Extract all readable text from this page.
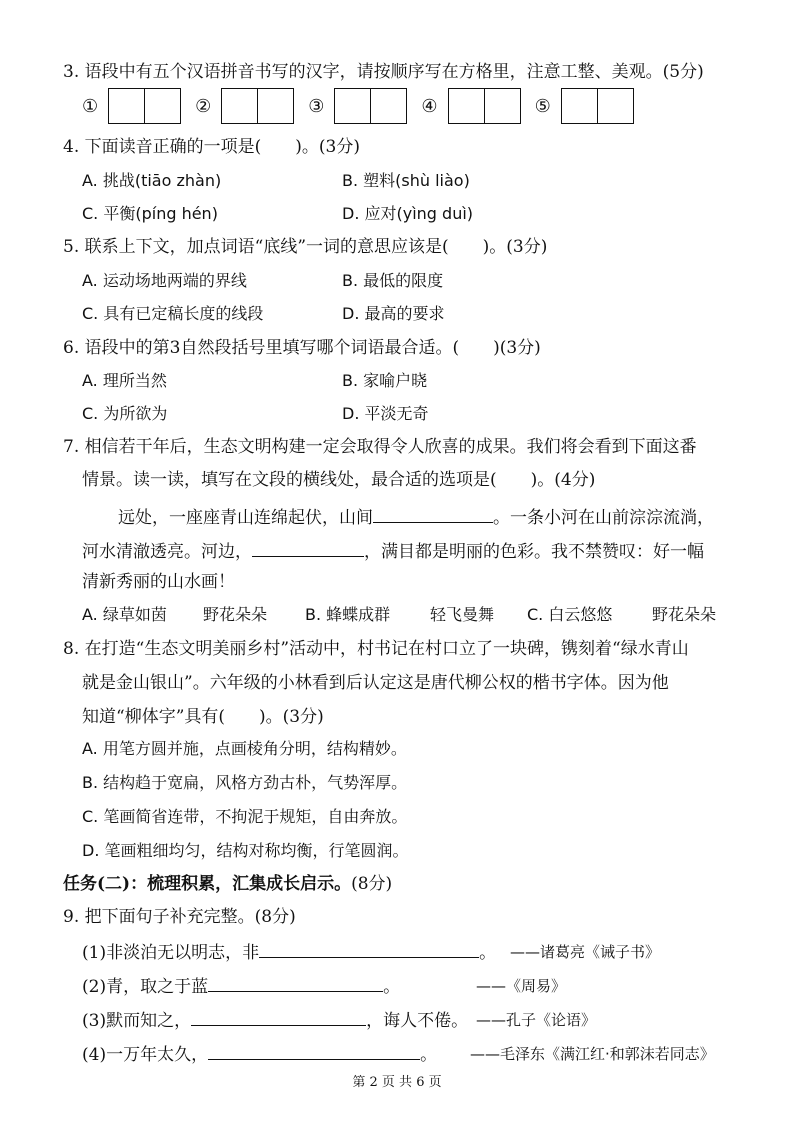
3. 语段中有五个汉语拼音书写的汉字，请按顺序写在方格里，注意工整、美观。(5分)
①	②	③	④	⑤
4. 下面读音正确的一项是(　　)。(3分)
A. 挑战(tiāo zhàn)	B. 塑料(shù liào)
C. 平衡(píng hén)	D. 应对(yìng duì)
5. 联系上下文，加点词语“底线”一词的意思应该是(　　)。(3分)
A. 运动场地两端的界线	B. 最低的限度
C. 具有已定稿长度的线段	D. 最高的要求
6. 语段中的第3自然段括号里填写哪个词语最合适。(　　)(3分)
A. 理所当然	B. 家喻户晓
C. 为所欲为	D. 平淡无奇
7. 相信若干年后，生态文明构建一定会取得令人欣喜的成果。我们将会看到下面这番
情景。读一读，填写在文段的横线处，最合适的选项是(　　)。(4分)
远处，一座座青山连绵起伏，山间	。一条小河在山前淙淙流淌，
河水清澈透亮。河边，	，满目都是明丽的色彩。我不禁赞叹：好一幅
清新秀丽的山水画！
A. 绿草如茵 野花朵朵 B. 蜂蝶成群 轻飞曼舞 C. 白云悠悠 野花朵朵
8. 在打造“生态文明美丽乡村”活动中，村书记在村口立了一块碑，镌刻着“绿水青山
就是金山银山”。六年级的小林看到后认定这是唐代柳公权的楷书字体。因为他
知道“柳体字”具有(　　)。(3分)
A. 用笔方圆并施，点画棱角分明，结构精妙。
B. 结构趋于宽扁，风格方劲古朴，气势浑厚。
C. 笔画简省连带，不拘泥于规矩，自由奔放。
D. 笔画粗细均匀，结构对称均衡，行笔圆润。
任务(二)：梳理积累，汇集成长启示。(8分)
9. 把下面句子补充完整。(8分)
(1)非淡泊无以明志，非	。 ——诸葛亮《诫子书》
(2)青，取之于蓝	。	——《周易》
(3)默而知之，	，诲人不倦。 ——孔子《论语》
(4)一万年太久，	。 ——毛泽东《满江红·和郭沫若同志》
第 2 页 共 6 页
